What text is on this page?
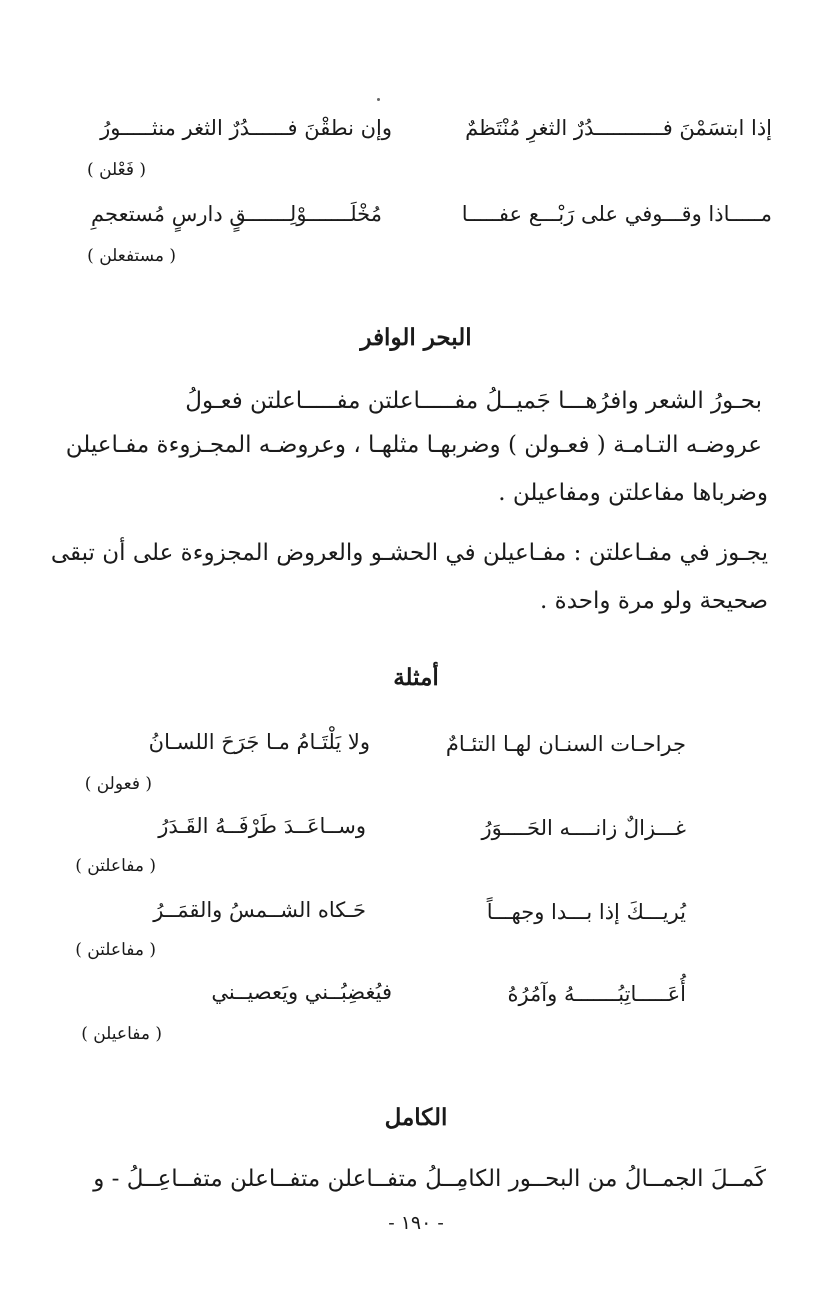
إذا ابتسَمْنَ فـــــــــــدُرٌ الثغرِ مُنْتَظمٌ
وإن نطقْنَ فــــــدُرٌ الثغر منثـــــورُ
( فَعْلن )
مـــــاذا وقـــوفي على رَبْـــع عفـــــا
مُخْلَـــــــوْلِـــــــقٍ دارسٍ مُستعجمِ
( مستفعلن )
البحر الوافر
بحـورُ الشعر وافرُهـــا جَميــلُ مفـــــاعلتن مفـــــاعلتن فعـولُ
عروضـه التـامـة ( فعـولن ) وضربهـا مثلهـا ، وعروضـه المجـزوءة مفـاعيلن
وضرباها مفاعلتن ومفاعيلن .
يجـوز في مفـاعلتن : مفـاعيلن في الحشـو والعروض المجزوءة على أن تبقى
صحيحة ولو مرة واحدة .
أمثلة
جراحـات السنـان لهـا التئـامٌ
ولا يَلْتَـامُ مـا جَرَحَ اللسـانُ
( فعولن )
غـــزالٌ زانــــه الحَــــوَرُ
وســاعَــدَ طَرْفَــهُ القَـدَرُ
( مفاعلتن )
يُريـــكَ إذا بـــدا وجهـــاً
حَـكاه الشــمسُ والقمَــرُ
( مفاعلتن )
أُعَـــــاتِبُـــــــهُ وآمُرُهُ
فيُغضِبُــني ويَعصيــني
( مفاعيلن )
الكامل
كَمــلَ الجمــالُ من البحــور الكامِــلُ متفــاعلن متفــاعلن متفــاعِــلُ - و
- ١٩٠ -
